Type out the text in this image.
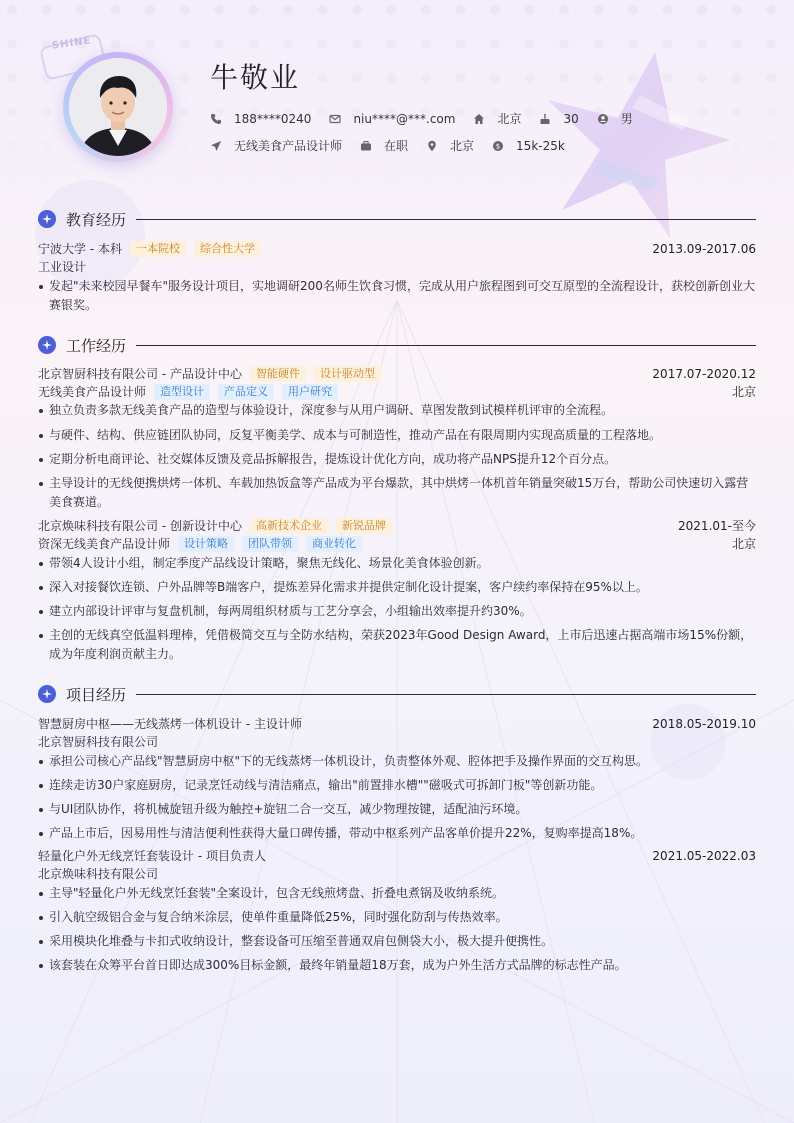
SHINE
牛敬业
188****0240	niu****@***.com	北京	30	男
无线美食产品设计师	在职	北京	$ 15k-25k
教育经历
宁波大学 - 本科	一本院校	综合性大学	2013.09-2017.06
工业设计
发起"未来校园早餐车"服务设计项目，实地调研200名师生饮食习惯，完成从用户旅程图到可交互原型的全流程设计，获校创新创业大赛银奖。
工作经历
北京智厨科技有限公司 - 产品设计中心	智能硬件	设计驱动型	2017.07-2020.12
无线美食产品设计师	造型设计	产品定义	用户研究	北京
独立负责多款无线美食产品的造型与体验设计，深度参与从用户调研、草图发散到试模样机评审的全流程。
与硬件、结构、供应链团队协同，反复平衡美学、成本与可制造性，推动产品在有限周期内实现高质量的工程落地。
定期分析电商评论、社交媒体反馈及竞品拆解报告，提炼设计优化方向，成功将产品NPS提升12个百分点。
主导设计的无线便携烘烤一体机、车载加热饭盒等产品成为平台爆款，其中烘烤一体机首年销量突破15万台，帮助公司快速切入露营美食赛道。
北京焕味科技有限公司 - 创新设计中心	高新技术企业	新锐品牌	2021.01-至今
资深无线美食产品设计师	设计策略	团队带领	商业转化	北京
带领4人设计小组，制定季度产品线设计策略，聚焦无线化、场景化美食体验创新。
深入对接餐饮连锁、户外品牌等B端客户，提炼差异化需求并提供定制化设计提案，客户续约率保持在95%以上。
建立内部设计评审与复盘机制，每两周组织材质与工艺分享会，小组输出效率提升约30%。
主创的无线真空低温料理棒，凭借极简交互与全防水结构，荣获2023年Good Design Award，上市后迅速占据高端市场15%份额，成为年度利润贡献主力。
项目经历
智慧厨房中枢——无线蒸烤一体机设计 - 主设计师	2018.05-2019.10
北京智厨科技有限公司
承担公司核心产品线"智慧厨房中枢"下的无线蒸烤一体机设计，负责整体外观、腔体把手及操作界面的交互构思。
连续走访30户家庭厨房，记录烹饪动线与清洁痛点，输出"前置排水槽""磁吸式可拆卸门板"等创新功能。
与UI团队协作，将机械旋钮升级为触控+旋钮二合一交互，减少物理按键，适配油污环境。
产品上市后，因易用性与清洁便利性获得大量口碑传播，带动中枢系列产品客单价提升22%，复购率提高18%。
轻量化户外无线烹饪套装设计 - 项目负责人	2021.05-2022.03
北京焕味科技有限公司
主导"轻量化户外无线烹饪套装"全案设计，包含无线煎烤盘、折叠电煮锅及收纳系统。
引入航空级铝合金与复合纳米涂层，使单件重量降低25%，同时强化防刮与传热效率。
采用模块化堆叠与卡扣式收纳设计，整套设备可压缩至普通双肩包侧袋大小，极大提升便携性。
该套装在众筹平台首日即达成300%目标金额，最终年销量超18万套，成为户外生活方式品牌的标志性产品。
